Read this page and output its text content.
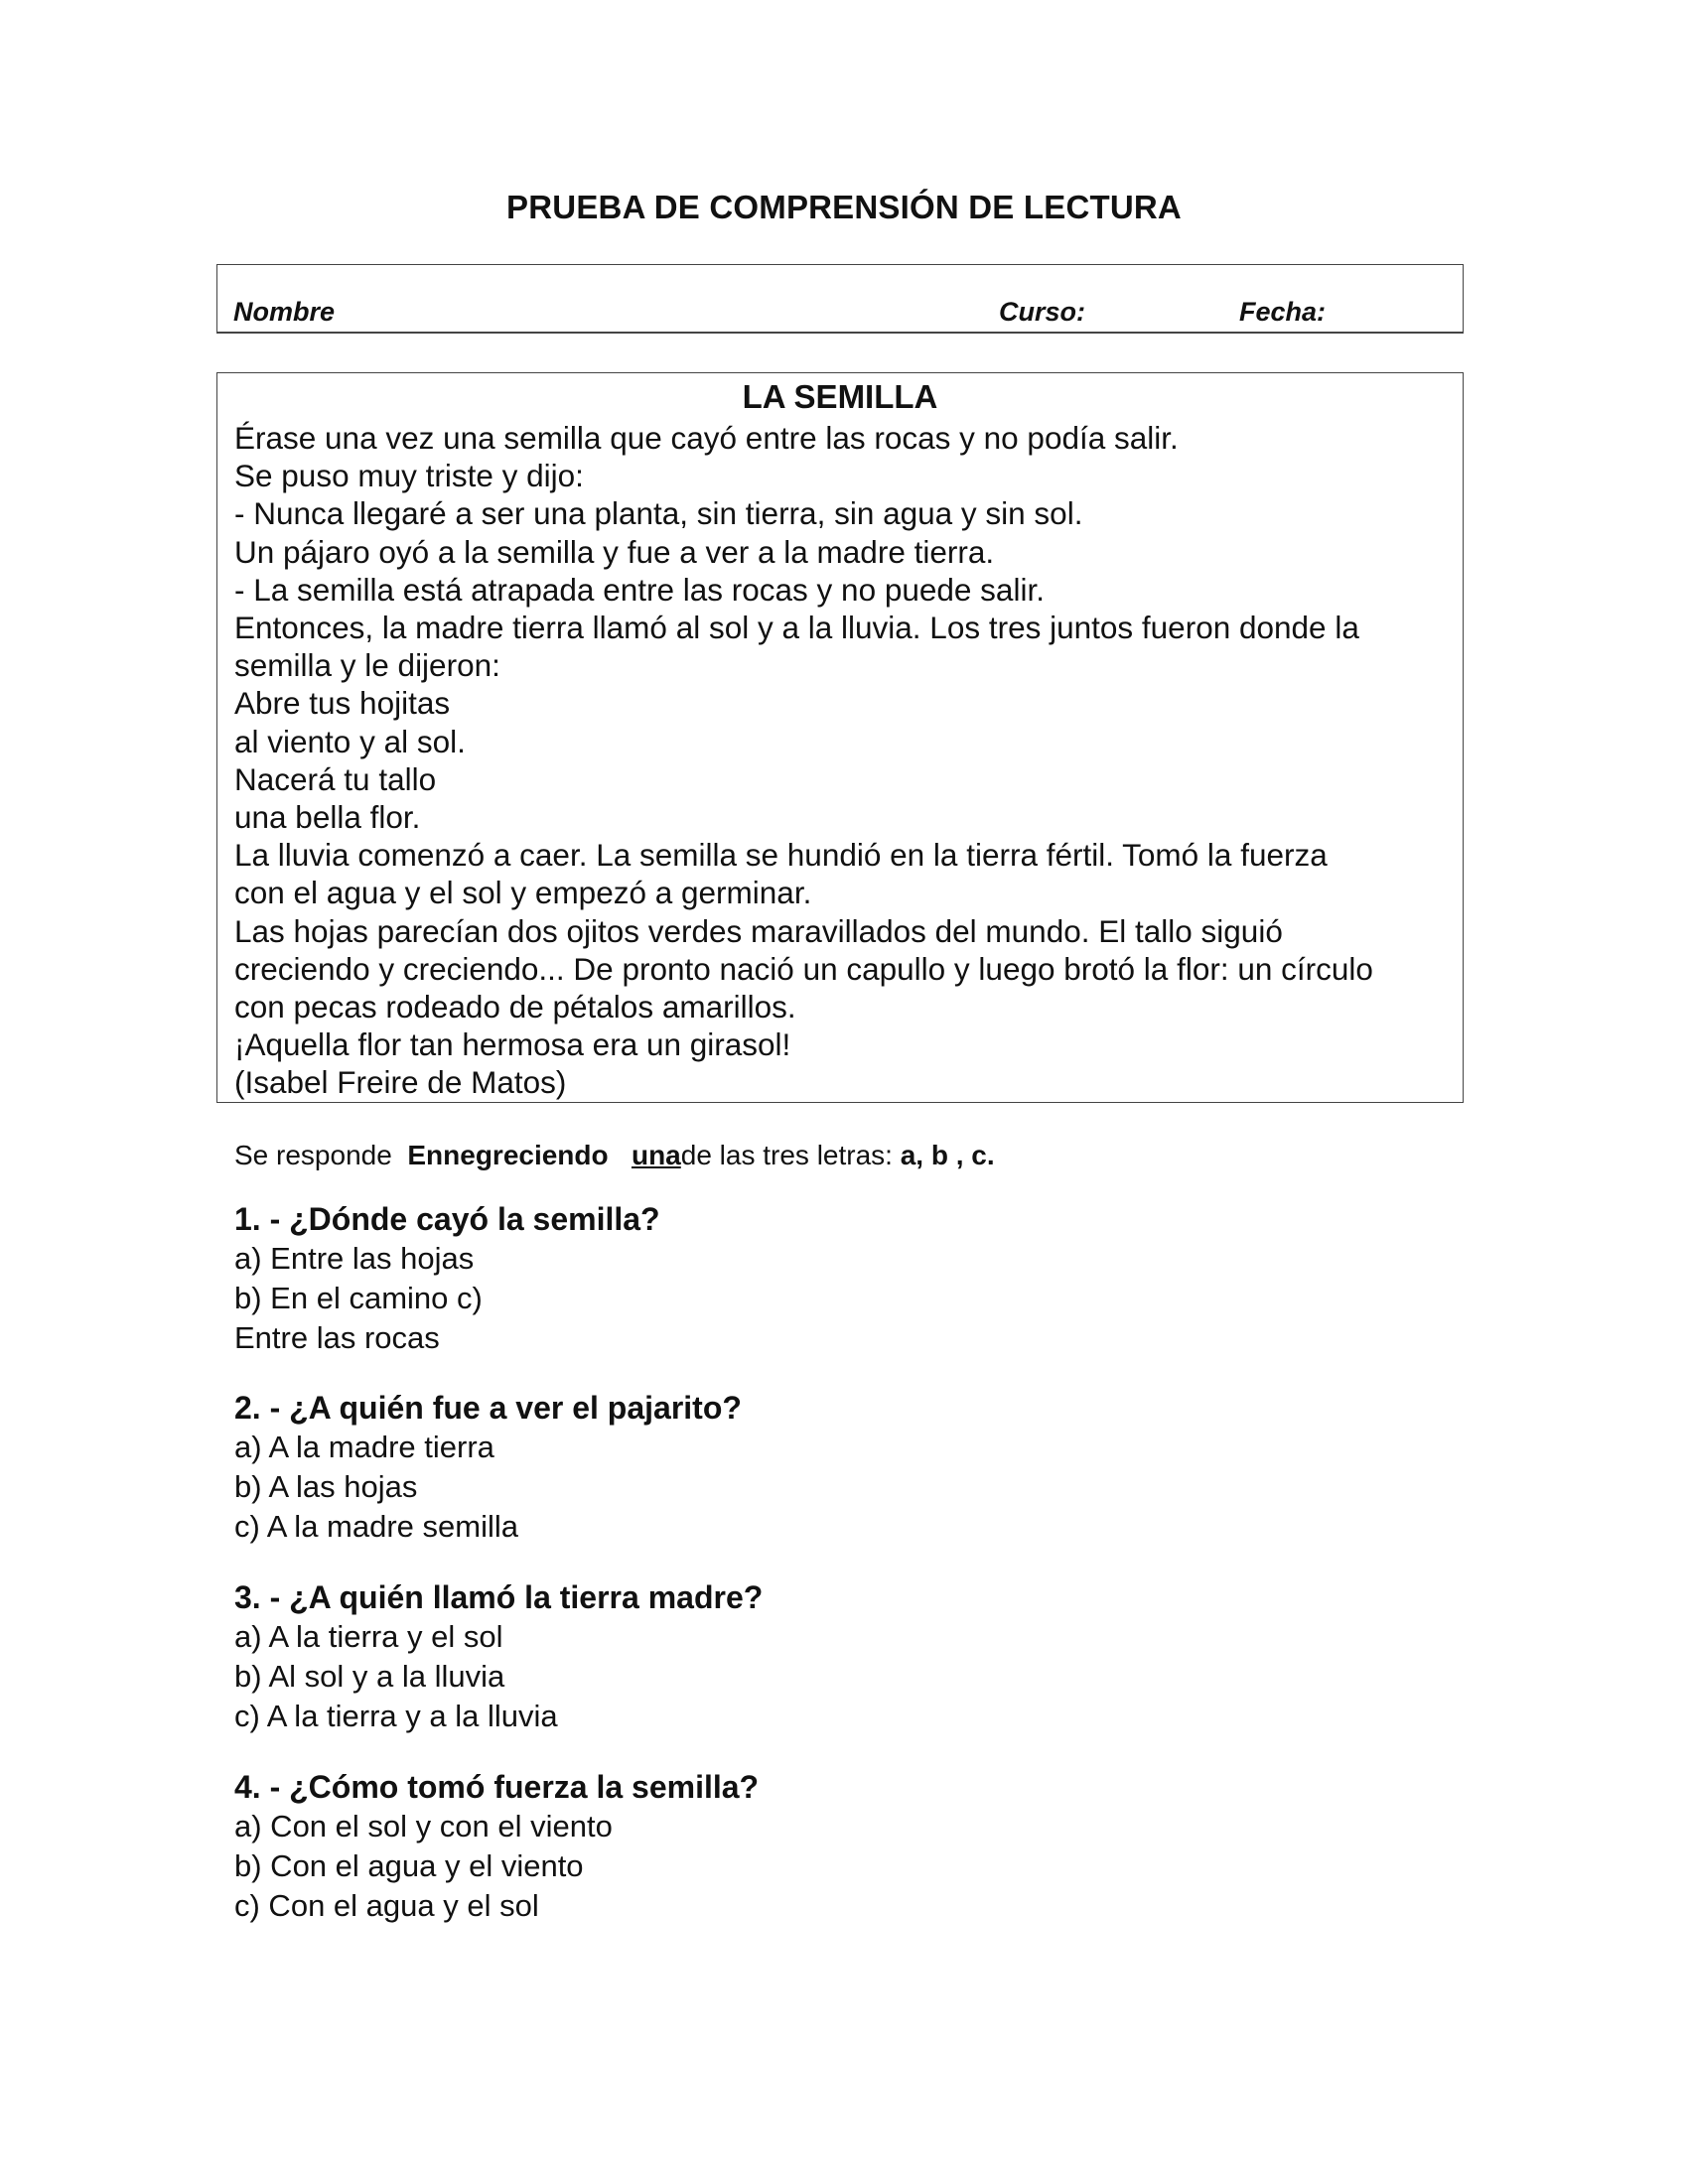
PRUEBA DE COMPRENSIÓN DE LECTURA
Nombre	Curso:	Fecha:
LA SEMILLA
Érase una vez una semilla que cayó entre las rocas y no podía salir.
Se puso muy triste y dijo:
- Nunca llegaré a ser una planta, sin tierra, sin agua y sin sol.
Un pájaro oyó a la semilla y fue a ver a la madre tierra.
- La semilla está atrapada entre las rocas y no puede salir.
Entonces, la madre tierra llamó al sol y a la lluvia. Los tres juntos fueron donde la
semilla y le dijeron:
Abre tus hojitas
al viento y al sol.
Nacerá tu tallo
una bella flor.
La lluvia comenzó a caer. La semilla se hundió en la tierra fértil. Tomó la fuerza
con el agua y el sol y empezó a germinar.
Las hojas parecían dos ojitos verdes maravillados del mundo. El tallo siguió
creciendo y creciendo... De pronto nació un capullo y luego brotó la flor: un círculo
con pecas rodeado de pétalos amarillos.
¡Aquella flor tan hermosa era un girasol!
(Isabel Freire de Matos)
Se responde Ennegreciendo unade las tres letras: a, b , c.
1. - ¿Dónde cayó la semilla?
a) Entre las hojas
b) En el camino c)
Entre las rocas
2. - ¿A quién fue a ver el pajarito?
a) A la madre tierra
b) A las hojas
c) A la madre semilla
3. - ¿A quién llamó la tierra madre?
a) A la tierra y el sol
b) Al sol y a la lluvia
c) A la tierra y a la lluvia
4. - ¿Cómo tomó fuerza la semilla?
a) Con el sol y con el viento
b) Con el agua y el viento
c) Con el agua y el sol
